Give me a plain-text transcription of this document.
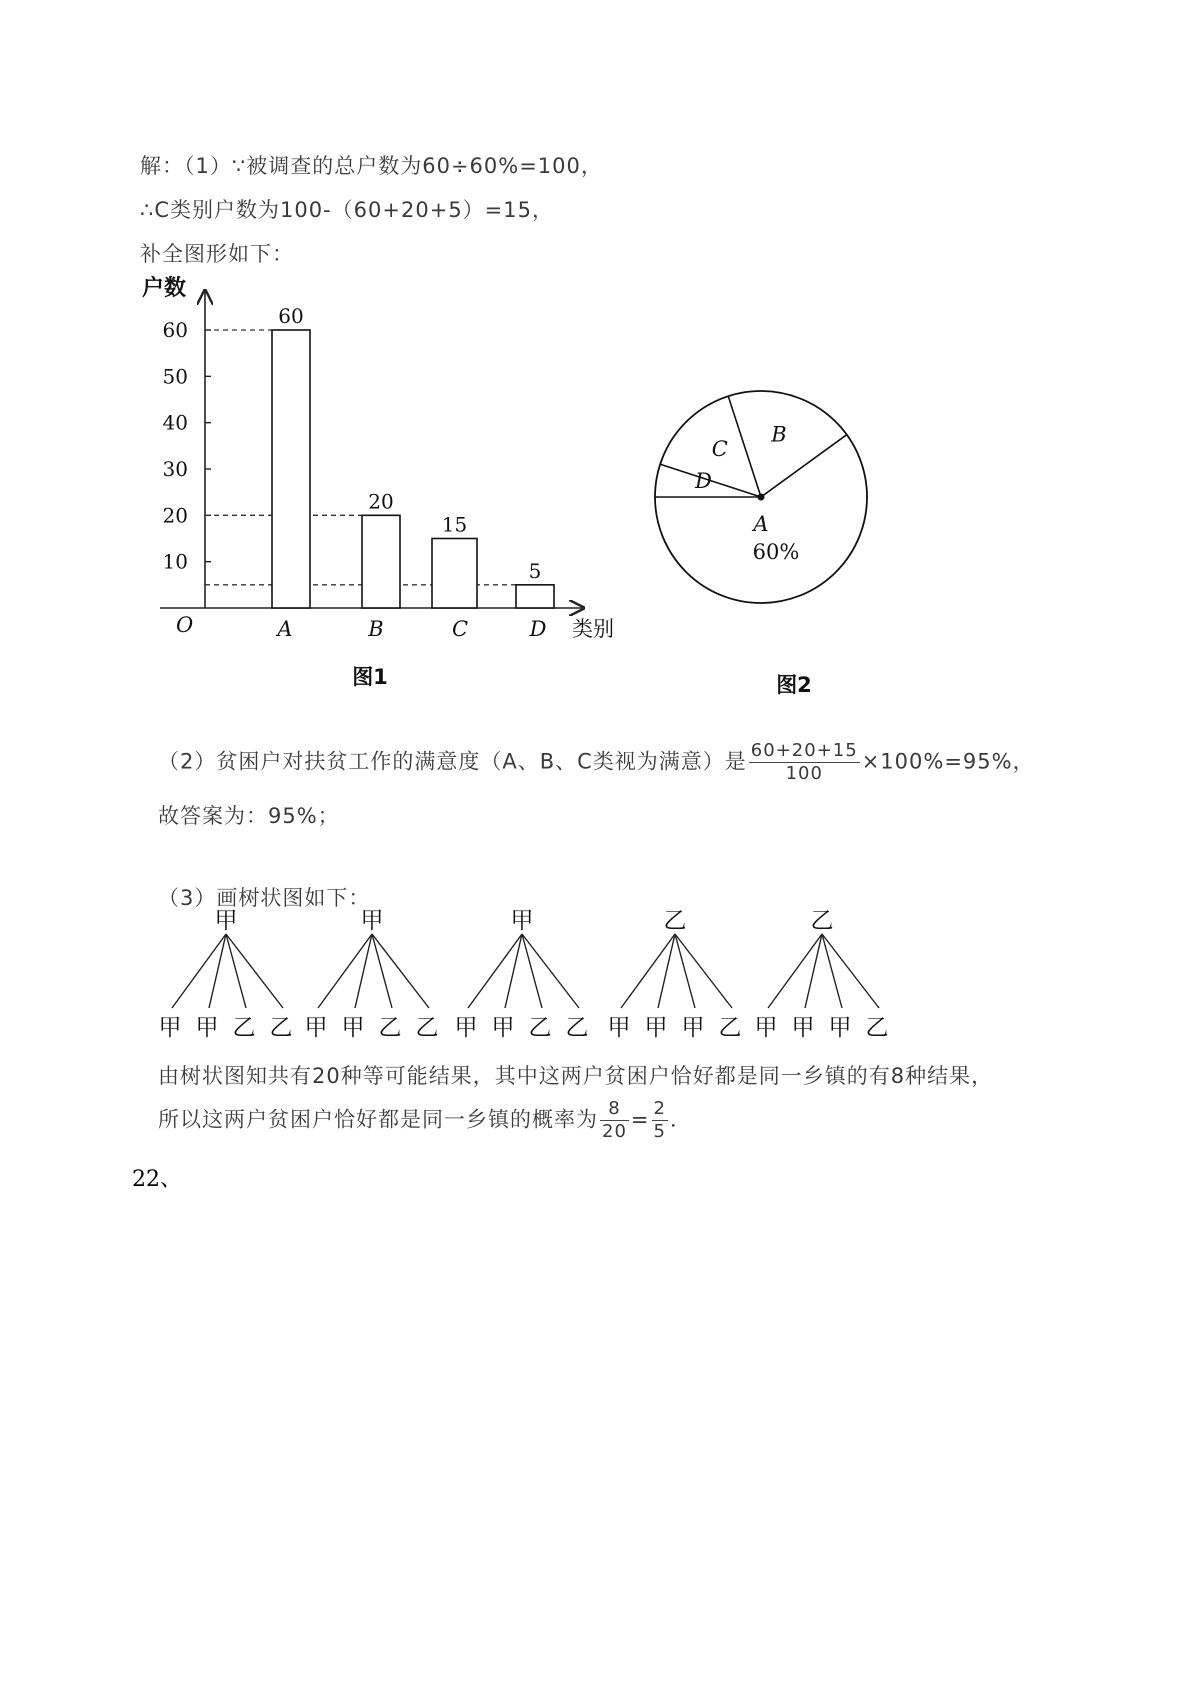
解：（1）∵被调查的总户数为60÷60%=100，
∴C类别户数为100-（60+20+5）=15，
补全图形如下：
户数
类别
O
10
20
30
40
50
60
60
A
20
B
15
C
5
D
图1
A
B
C
D
60%
图2
（2）贫困户对扶贫工作的满意度（A、B、C类视为满意）是 $\frac{60+20+15}{100} \times 100\%=95\%$，
故答案为：95%；
（3）画树状图如下：
甲
甲 甲 乙 乙
甲
甲 甲 乙 乙
甲
甲 甲 乙 乙
乙
甲 甲 甲 乙
乙
甲 甲 甲 乙
由树状图知共有20种等可能结果，其中这两户贫困户恰好都是同一乡镇的有8种结果，
所以这两户贫困户恰好都是同一乡镇的概率为 $\frac{8}{20} = \frac{2}{5}$ ．
22、
